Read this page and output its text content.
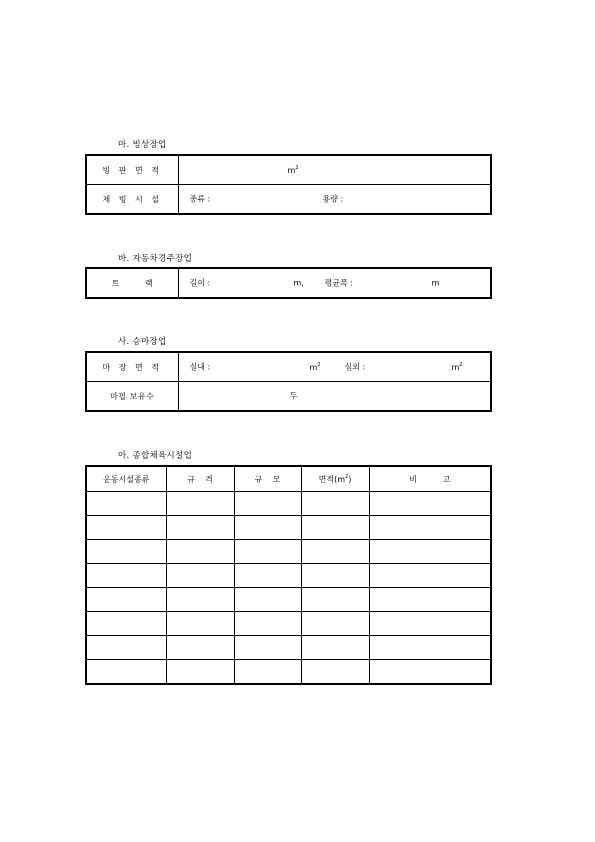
마. 빙상장업
빙 판 면 적	$m^2$

제 빙 시 설	종류 : 용량 :
바. 자동차경주장업
트          랙	길이 :	m,	평균폭 :	m
사. 승마장업
마 장 면 적	실내 : $m^2$ 실외 : $m^2$

마필 보유수	두
아. 종합체육시설업
운동시설종류	규    격	규    모	면적$(m^2)$	비          고
